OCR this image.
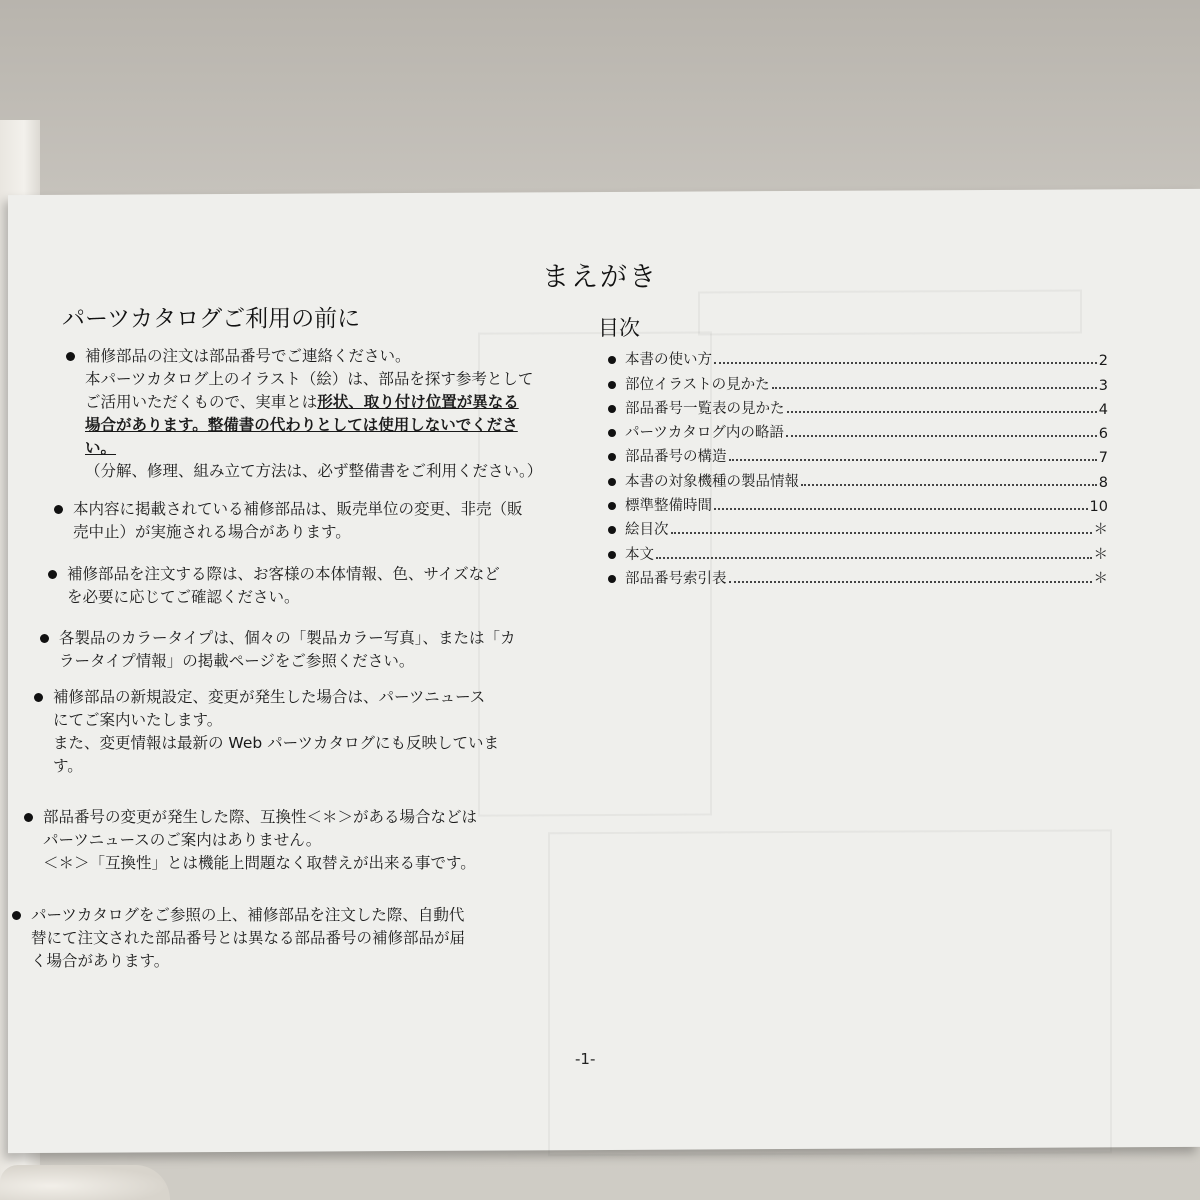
まえがき
パーツカタログご利用の前に	目次
補修部品の注文は部品番号でご連絡ください。
本パーツカタログ上のイラスト（絵）は、部品を探す参考として
ご活用いただくもので、実車とは形状、取り付け位置が異なる
場合があります。整備書の代わりとしては使用しないでくださ
い。
（分解、修理、組み立て方法は、必ず整備書をご利用ください。）
本内容に掲載されている補修部品は、販売単位の変更、非売（販
売中止）が実施される場合があります。
補修部品を注文する際は、お客様の本体情報、色、サイズなど
を必要に応じてご確認ください。
各製品のカラータイプは、個々の「製品カラー写真」、または「カ
ラータイプ情報」の掲載ページをご参照ください。
補修部品の新規設定、変更が発生した場合は、パーツニュース
にてご案内いたします。
また、変更情報は最新の Web パーツカタログにも反映していま
す。
部品番号の変更が発生した際、互換性＜＊＞がある場合などは
パーツニュースのご案内はありません。
＜＊＞「互換性」とは機能上問題なく取替えが出来る事です。
パーツカタログをご参照の上、補修部品を注文した際、自動代
替にて注文された部品番号とは異なる部品番号の補修部品が届
く場合があります。
本書の使い方	2
部位イラストの見かた	3
部品番号一覧表の見かた	4
パーツカタログ内の略語	6
部品番号の構造	7
本書の対象機種の製品情報	8
標準整備時間	10
絵目次	＊
本文	＊
部品番号索引表	＊
-1-
